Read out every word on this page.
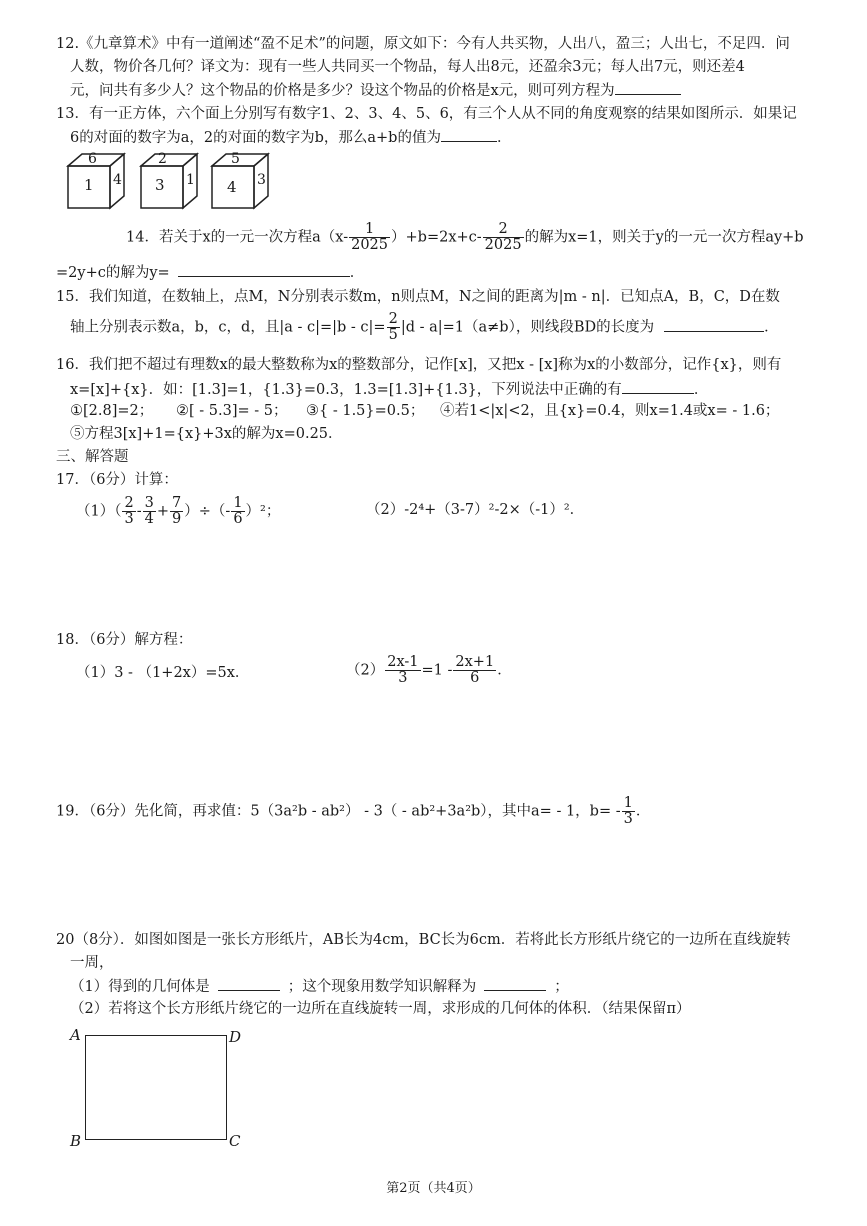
12.《九章算术》中有一道阐述“盈不足术”的问题，原文如下：今有人共买物，人出八，盈三；人出七，不足四．问
人数，物价各几何？译文为：现有一些人共同买一个物品，每人出8元，还盈余3元；每人出7元，则还差4
元，问共有多少人？这个物品的价格是多少？设这个物品的价格是x元，则可列方程为
13．有一正方体，六个面上分别写有数字1、2、3、4、5、6，有三个人从不同的角度观察的结果如图所示．如果记
6的对面的数字为a，2的对面的数字为b，那么a+b的值为	．
6
1 4
2
3 1
5
4 3
14．若关于x的一元一次方程$a(x- \frac{1}{2025} )+b=2x+c- \frac{2}{2025}$ 的解为x=1，则关于y的一元一次方程ay+b
=2y+c的解为y=	．
15．我们知道，在数轴上，点M，N分别表示数m，n则点M，N之间的距离为|m - n|．已知点A，B，C，D在数
轴上分别表示数a，b，c，d，且$|a - c|=|b - c|= \frac{2}{5} |d - a|=1(a\ne b)$，则线段BD的长度为	．
16．我们把不超过有理数x的最大整数称为x的整数部分，记作[x]，又把x - [x]称为x的小数部分，记作{x}，则有
x=[x]+{x}．如：[1.3]=1，{1.3}=0.3，1.3=[1.3]+{1.3}，下列说法中正确的有	．
①[2.8]=2； ②[ - 5.3]= - 5； ③{ - 1.5}=0.5； ④若1<|x|<2，且{x}=0.4，则x=1.4或x= - 1.6；
⑤方程3[x]+1={x}+3x的解为x=0.25．
三、解答题
17．（6分）计算：
$(1)( \frac{2}{3} - \frac{3}{4} + \frac{7}{9}$ ）÷（- $\frac{1}{6} )^2$；	（2）-2⁴+（3-7）²-2×（-1）²．
18．（6分）解方程：
（1）3 - （1+2x）=5x．	$(2) \frac{2x-1}{3} =1 - \frac{2x+1}{6}$ ．
19．（6分）先化简，再求值：5（3a²b - ab²） - 3（ - ab²+3a²b），其中a= - 1，$b= - \frac{1}{3}$ ．
20（8分）．如图如图是一张长方形纸片，AB长为4cm，BC长为6cm．若将此长方形纸片绕它的一边所在直线旋转
一周，
（1）得到的几何体是	；这个现象用数学知识解释为	；
（2）若将这个长方形纸片绕它的一边所在直线旋转一周，求形成的几何体的体积．（结果保留π）
A	D
B	C
第2页（共4页）
